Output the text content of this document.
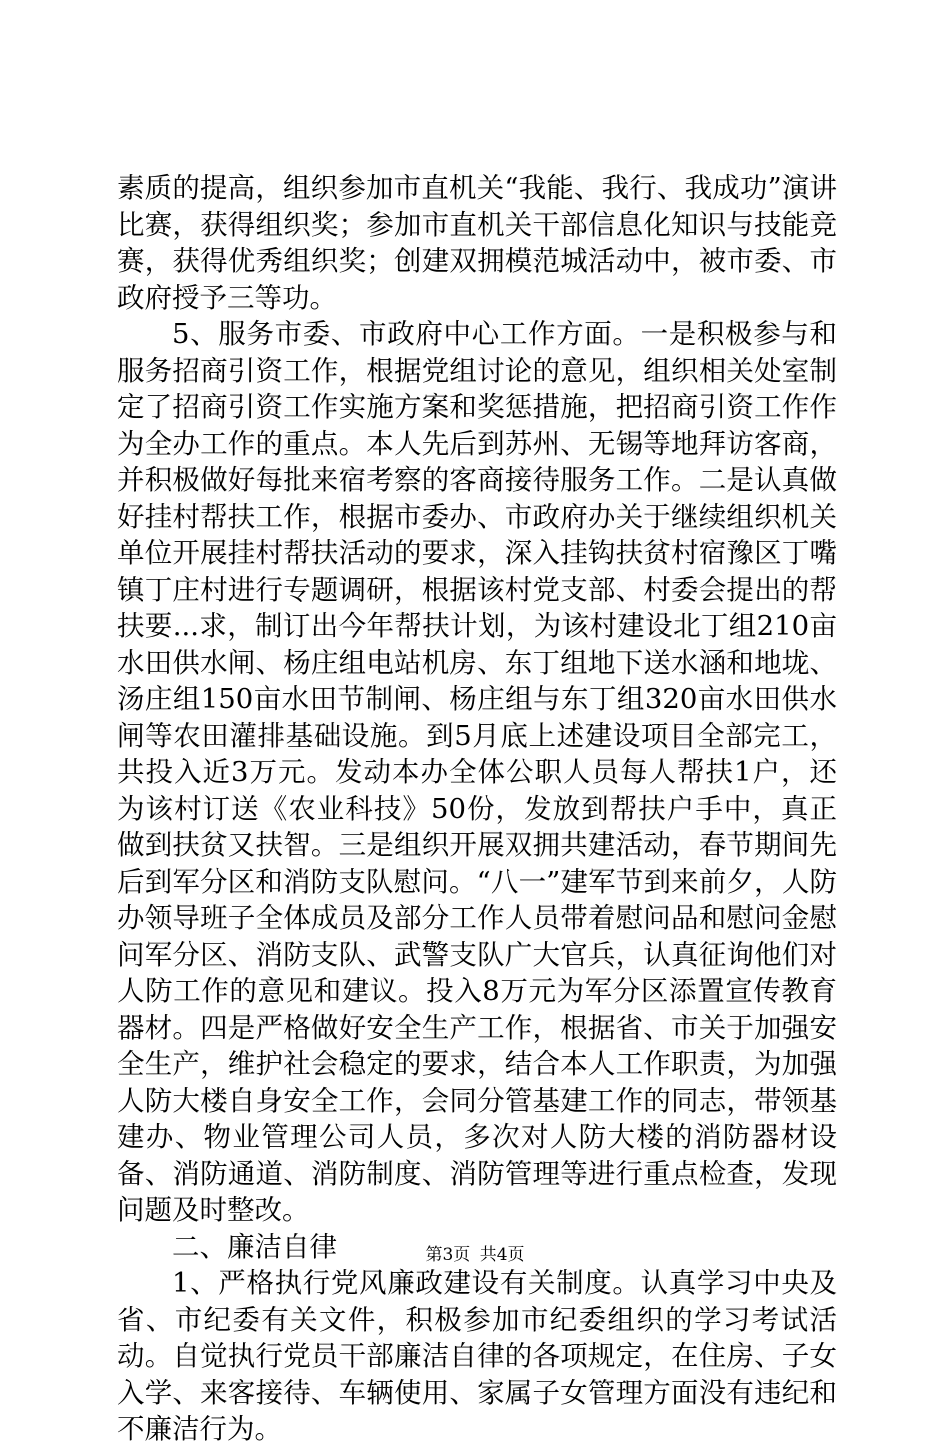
素质的提高，组织参加市直机关“我能、我行、我成功”演讲比赛，获得组织奖；参加市直机关干部信息化知识与技能竞赛，获得优秀组织奖；创建双拥模范城活动中，被市委、市政府授予三等功。

5、服务市委、市政府中心工作方面。一是积极参与和服务招商引资工作，根据党组讨论的意见，组织相关处室制定了招商引资工作实施方案和奖惩措施，把招商引资工作作为全办工作的重点。本人先后到苏州、无锡等地拜访客商，并积极做好每批来宿考察的客商接待服务工作。二是认真做好挂村帮扶工作，根据市委办、市政府办关于继续组织机关单位开展挂村帮扶活动的要求，深入挂钩扶贫村宿豫区丁嘴镇丁庄村进行专题调研，根据该村党支部、村委会提出的帮扶要...求，制订出今年帮扶计划，为该村建设北丁组210亩水田供水闸、杨庄组电站机房、东丁组地下送水涵和地垅、汤庄组150亩水田节制闸、杨庄组与东丁组320亩水田供水闸等农田灌排基础设施。到5月底上述建设项目全部完工，共投入近3万元。发动本办全体公职人员每人帮扶1户，还为该村订送《农业科技》50份，发放到帮扶户手中，真正做到扶贫又扶智。三是组织开展双拥共建活动，春节期间先后到军分区和消防支队慰问。“八一”建军节到来前夕，人防办领导班子全体成员及部分工作人员带着慰问品和慰问金慰问军分区、消防支队、武警支队广大官兵，认真征询他们对人防工作的意见和建议。投入8万元为军分区添置宣传教育器材。四是严格做好安全生产工作，根据省、市关于加强安全生产，维护社会稳定的要求，结合本人工作职责，为加强人防大楼自身安全工作，会同分管基建工作的同志，带领基建办、物业管理公司人员，多次对人防大楼的消防器材设备、消防通道、消防制度、消防管理等进行重点检查，发现问题及时整改。

二、廉洁自律

1、严格执行党风廉政建设有关制度。认真学习中央及省、市纪委有关文件，积极参加市纪委组织的学习考试活动。自觉执行党员干部廉洁自律的各项规定，在住房、子女入学、来客接待、车辆使用、家属子女管理方面没有违纪和不廉洁行为。

第3页 共4页
